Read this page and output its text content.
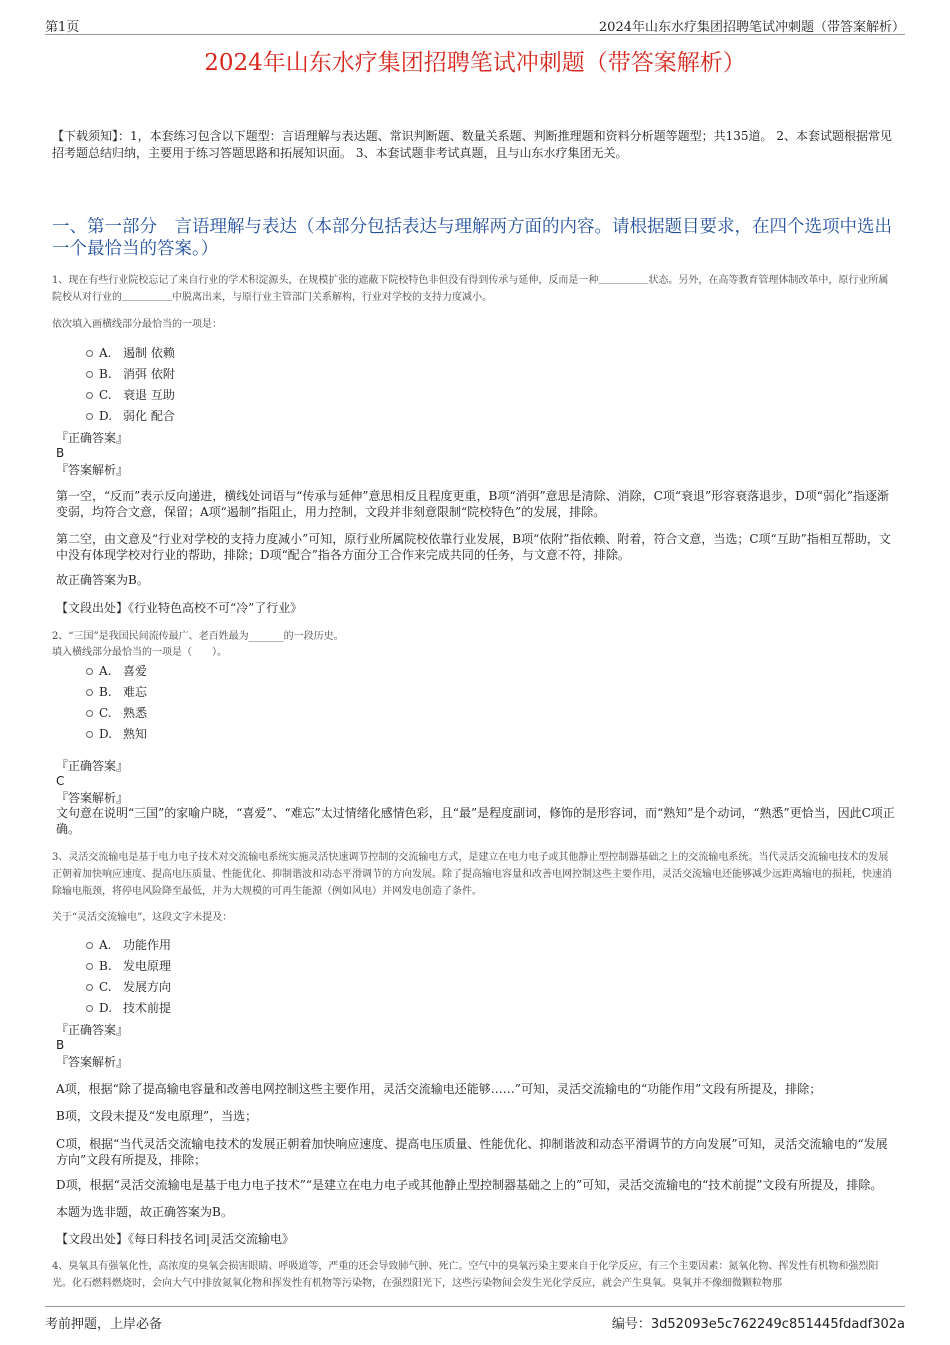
第1页	2024年山东水疗集团招聘笔试冲刺题（带答案解析）
2024年山东水疗集团招聘笔试冲刺题（带答案解析）
【下载须知】：1，本套练习包含以下题型：言语理解与表达题、常识判断题、数量关系题、判断推理题和资料分析题等题型；共135道。 2、本套试题根据常见招考题总结归纳，主要用于练习答题思路和拓展知识面。 3、本套试题非考试真题，且与山东水疗集团无关。
一、第一部分　言语理解与表达（本部分包括表达与理解两方面的内容。请根据题目要求，在四个选项中选出一个最恰当的答案。）
1、现在有些行业院校忘记了来自行业的学术积淀源头，在规模扩张的遮蔽下院校特色非但没有得到传承与延伸，反而是一种＿＿＿＿＿状态。另外，在高等教育管理体制改革中，原行业所属院校从对行业的＿＿＿＿＿中脱离出来，与原行业主管部门关系解构，行业对学校的支持力度减小。
依次填入画横线部分最恰当的一项是：
A. 遏制 依赖
B. 消弭 依附
C. 衰退 互助
D. 弱化 配合
『正确答案』
B
『答案解析』
第一空，“反而”表示反向递进，横线处词语与“传承与延伸”意思相反且程度更重，B项“消弭”意思是清除、消除，C项“衰退”形容衰落退步，D项“弱化”指逐渐变弱，均符合文意，保留；A项“遏制”指阻止，用力控制，文段并非刻意限制“院校特色”的发展，排除。
第二空，由文意及“行业对学校的支持力度减小”可知，原行业所属院校依靠行业发展，B项“依附”指依赖、附着，符合文意，当选；C项“互助”指相互帮助，文中没有体现学校对行业的帮助，排除；D项“配合”指各方面分工合作来完成共同的任务，与文意不符，排除。
故正确答案为B。
【文段出处】《行业特色高校不可“冷”了行业》
2、“三国”是我国民间流传最广、老百姓最为_______的一段历史。
填入横线部分最恰当的一项是（　　）。
A. 喜爱
B. 难忘
C. 熟悉
D. 熟知
『正确答案』
C
『答案解析』
文句意在说明“三国”的家喻户晓，“喜爱”、“难忘”太过情绪化感情色彩，且“最”是程度副词，修饰的是形容词，而“熟知”是个动词，“熟悉”更恰当，因此C项正确。
3、灵活交流输电是基于电力电子技术对交流输电系统实施灵活快速调节控制的交流输电方式，是建立在电力电子或其他静止型控制器基础之上的交流输电系统。当代灵活交流输电技术的发展正朝着加快响应速度、提高电压质量、性能优化、抑制谐波和动态平滑调节的方向发展。除了提高输电容量和改善电网控制这些主要作用，灵活交流输电还能够减少远距离输电的损耗，快速消除输电瓶颈，将停电风险降至最低，并为大规模的可再生能源（例如风电）并网发电创造了条件。
关于“灵活交流输电”，这段文字未提及：
A. 功能作用
B. 发电原理
C. 发展方向
D. 技术前提
『正确答案』
B
『答案解析』
A项，根据“除了提高输电容量和改善电网控制这些主要作用，灵活交流输电还能够……”可知，灵活交流输电的“功能作用”文段有所提及，排除；
B项，文段未提及“发电原理”，当选；
C项，根据“当代灵活交流输电技术的发展正朝着加快响应速度、提高电压质量、性能优化、抑制谐波和动态平滑调节的方向发展”可知，灵活交流输电的“发展方向”文段有所提及，排除；
D项，根据“灵活交流输电是基于电力电子技术”“是建立在电力电子或其他静止型控制器基础之上的”可知，灵活交流输电的“技术前提”文段有所提及，排除。
本题为选非题，故正确答案为B。
【文段出处】《每日科技名词|灵活交流输电》
4、臭氧具有强氧化性，高浓度的臭氧会损害眼睛、呼吸道等，严重的还会导致肺气肿、死亡。空气中的臭氧污染主要来自于化学反应，有三个主要因素：氮氧化物、挥发性有机物和强烈阳光。化石燃料燃烧时，会向大气中排放氮氧化物和挥发性有机物等污染物，在强烈阳光下，这些污染物间会发生光化学反应，就会产生臭氧。臭氧并不像细微颗粒物那
考前押题，上岸必备	编号：3d52093e5c762249c851445fdadf302a
